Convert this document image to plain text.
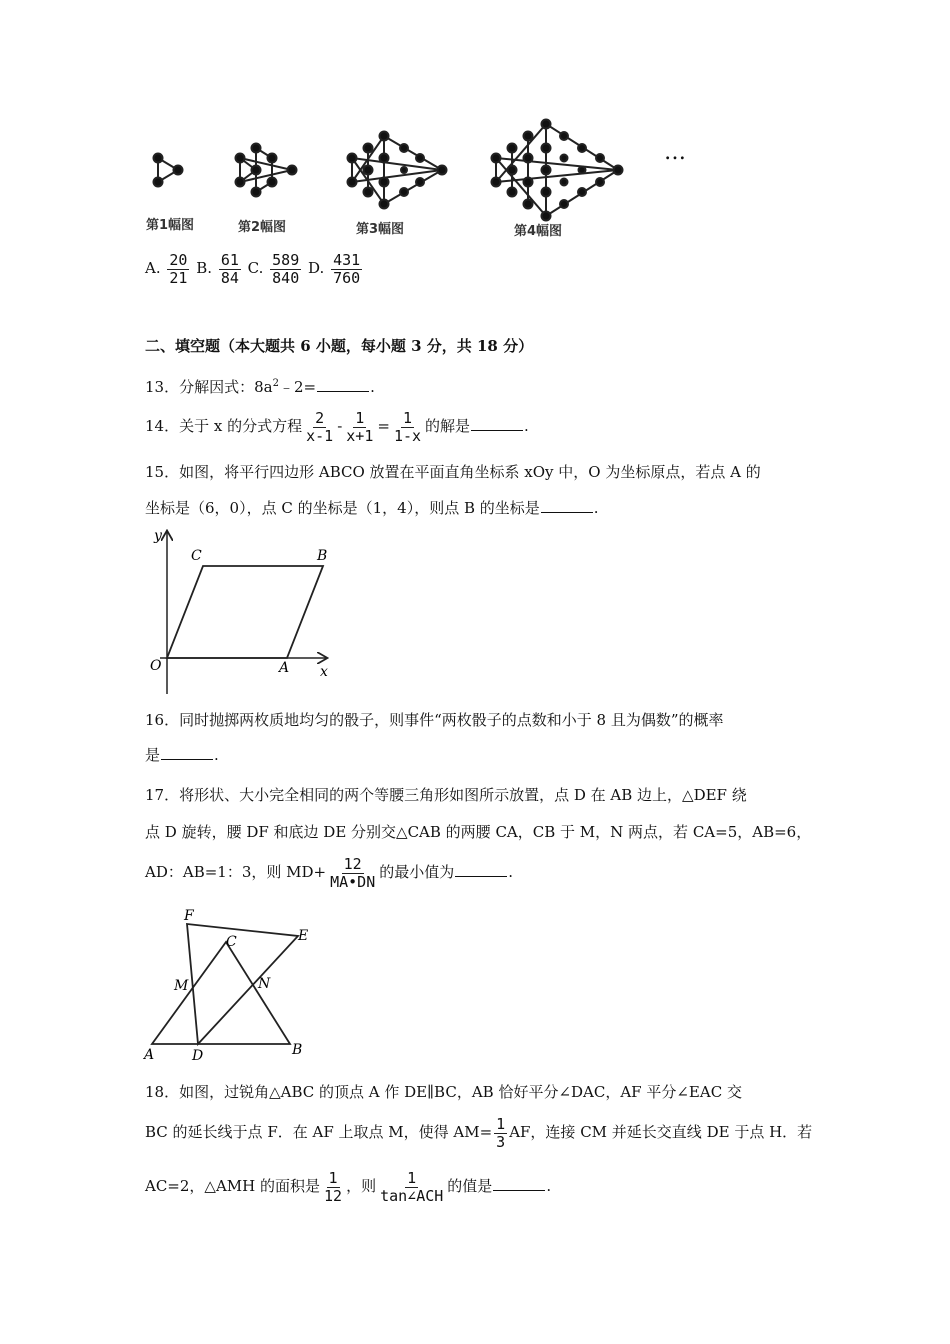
…
第1幅图	第2幅图	第3幅图	第4幅图
A. $\frac{20}{21} B$. $\frac{61}{84} C$. $\frac{589}{840} D$. $\frac{431}{760}$
二、填空题（本大题共 6 小题，每小题 3 分，共 18 分）
13．分解因式：$8a^2﹣2=$	.
14．关于 x 的分式方程 $\frac{2}{x-1} - \frac{1}{x+1} = \frac{1}{1-x}$ 的解是	.
15．如图，将平行四边形 ABCO 放置在平面直角坐标系 xOy 中，O 为坐标原点，若点 A 的
坐标是（6，0），点 C 的坐标是（1，4），则点 B 的坐标是	.
y
x
O	A
B
C
16．同时抛掷两枚质地均匀的骰子，则事件“两枚骰子的点数和小于 8 且为偶数”的概率
是	.
17．将形状、大小完全相同的两个等腰三角形如图所示放置，点 D 在 AB 边上，△DEF 绕
点 D 旋转，腰 DF 和底边 DE 分别交△CAB 的两腰 CA，CB 于 M，N 两点，若 CA=5，AB=6，
AD：AB=1：3，则 $MD+ \frac{12}{MA•DN}$ 的最小值为	.
F
C	E
M	N
A	D	B
18．如图，过锐角△ABC 的顶点 A 作 DE∥BC，AB 恰好平分∠DAC，AF 平分∠EAC 交
BC 的延长线于点 F．在 AF 上取点 M，使得 $AM= \frac{1}{3}$ AF，连接 CM 并延长交直线 DE 于点 H．若
AC=2，△AMH 的面积是 $\frac{1}{12}$ ，则 $\frac{1}{\text{tan∠ACH}}$ 的值是	.
